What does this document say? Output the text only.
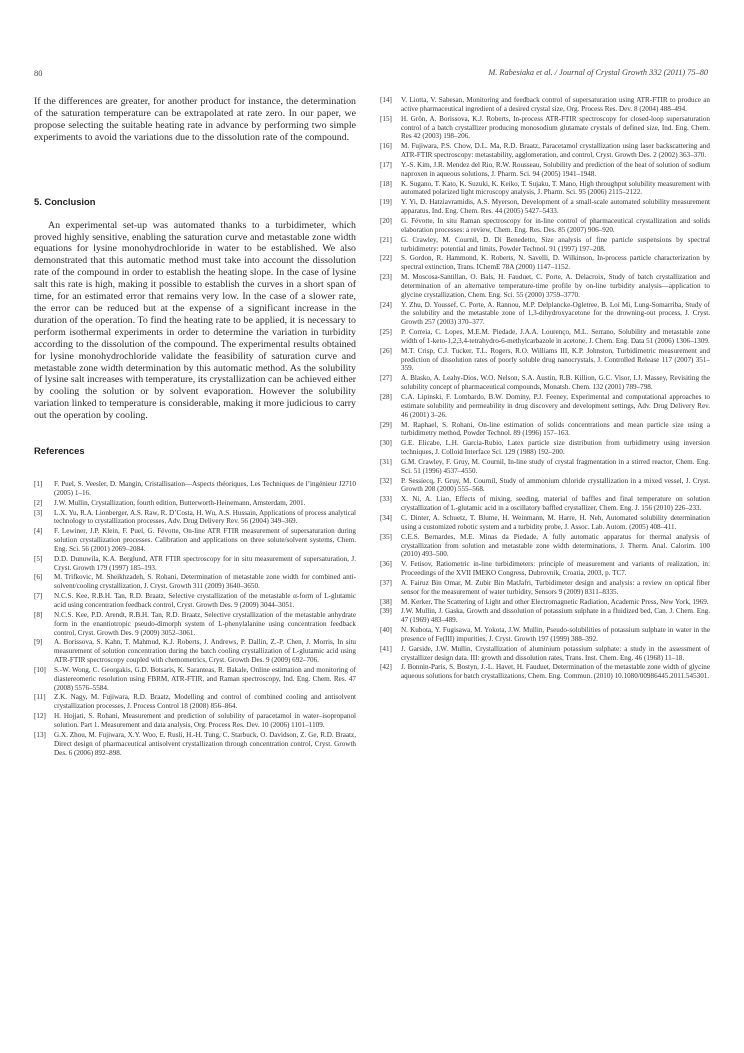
80	M. Rabesiaka et al. / Journal of Crystal Growth 332 (2011) 75–80

If the differences are greater, for another product for instance, the determination of the saturation temperature can be extrapolated at rate zero. In our paper, we propose selecting the suitable heating rate in advance by performing two simple experiments to avoid the variations due to the dissolution rate of the compound.

5. Conclusion

An experimental set-up was automated thanks to a turbidimeter, which proved highly sensitive, enabling the saturation curve and metastable zone width equations for lysine monohydrochloride in water to be established. We also demonstrated that this automatic method must take into account the dissolution rate of the compound in order to establish the heating slope. In the case of lysine salt this rate is high, making it possible to establish the curves in a short span of time, for an estimated error that remains very low. In the case of a slower rate, the error can be reduced but at the expense of a significant increase in the duration of the operation. To find the heating rate to be applied, it is necessary to perform isothermal experiments in order to determine the variation in turbidity according to the dissolution of the compound. The experimental results obtained for lysine monohydrochloride validate the feasibility of saturation curve and metastable zone width determination by this automatic method. As the solubility of lysine salt increases with temperature, its crystallization can be achieved either by cooling the solution or by solvent evaporation. However the solubility variation linked to temperature is considerable, making it more judicious to carry out the operation by cooling.

References
[1] F. Puel, S. Veesler, D. Mangin, Cristallisation—Aspects théoriques, Les Techniques de l’ingénieur J2710 (2005) 1–16.
[2] J.W. Mullin, Crystallization, fourth edition, Butterworth-Heinemann, Amsterdam, 2001.
[3] L.X. Yu, R.A. Lionberger, A.S. Raw, R. D’Costa, H. Wu, A.S. Hussain, Applications of process analytical technology to crystallization processes, Adv. Drug Delivery Rev. 56 (2004) 349–369.
[4] F. Lewiner, J.P. Klein, F. Puel, G. Févotte, On-line ATR FTIR measurement of supersaturation during solution crystallization processes. Calibration and applications on three solute/solvent systems, Chem. Eng. Sci. 56 (2001) 2069–2084.
[5] D.D. Dunuwila, K.A. Berglund, ATR FTIR spectroscopy for in situ measurement of supersaturation, J. Cryst. Growth 179 (1997) 185–193.
[6] M. Trifkovic, M. Sheikhzadeh, S. Rohani, Determination of metastable zone width for combined anti-solvent/cooling crystallization, J. Cryst. Growth 311 (2009) 3640–3650.
[7] N.C.S. Kee, R.B.H. Tan, R.D. Braatz, Selective crystallization of the metastable α-form of L-glutamic acid using concentration feedback control, Cryst. Growth Des. 9 (2009) 3044–3051.
[8] N.C.S. Kee, P.D. Arendt, R.B.H. Tan, R.D. Braatz, Selective crystallization of the metastable anhydrate form in the enantiotropic pseudo-dimorph system of L-phenylalanine using concentration feedback control, Cryst. Growth Des. 9 (2009) 3052–3061.
[9] A. Borissova, S. Kahn, T. Mahmud, K.J. Roberts, J. Andrews, P. Dallin, Z.-P. Chen, J. Morris, In situ measurement of solution concentration during the batch cooling crystallization of L-glutamic acid using ATR-FTIR spectroscopy coupled with chemometrics, Cryst. Growth Des. 9 (2009) 692–706.
[10] S.-W. Wong, C. Georgakis, G.D. Botsaris, K. Saranteas, R. Bakale, Online estimation and monitoring of diastereomeric resolution using FBRM, ATR-FTIR, and Raman spectroscopy, Ind. Eng. Chem. Res. 47 (2008) 5576–5584.
[11] Z.K. Nagy, M. Fujiwara, R.D. Braatz, Modelling and control of combined cooling and antisolvent crystallization processes, J. Process Control 18 (2008) 856–864.
[12] H. Hojjati, S. Rohani, Measurement and prediction of solubility of paracetamol in water–isopropanol solution. Part 1. Measurement and data analysis, Org. Process Res. Dev. 10 (2006) 1101–1109.
[13] G.X. Zhou, M. Fujiwara, X.Y. Woo, E. Rusli, H.-H. Tung, C. Starbuck, O. Davidson, Z. Ge, R.D. Braatz, Direct design of pharmaceutical antisolvent crystallization through concentration control, Cryst. Growth Des. 6 (2006) 892–898.
[14] V. Liotta, V. Sabesan, Monitoring and feedback control of supersaturation using ATR-FTIR to produce an active pharmaceutical ingredient of a desired crystal size, Org. Process Res. Dev. 8 (2004) 488–494.
[15] H. Grön, A. Borissova, K.J. Roberts, In-process ATR-FTIR spectroscopy for closed-loop supersaturation control of a batch crystallizer producing monosodium glutamate crystals of defined size, Ind. Eng. Chem. Res 42 (2003) 198–206.
[16] M. Fujiwara, P.S. Chow, D.L. Ma, R.D. Braatz, Paracetamol crystallization using laser backscattering and ATR-FTIR spectroscopy: metastability, agglomeration, and control, Cryst. Growth Des. 2 (2002) 363–370.
[17] Y.-S. Kim, J.R. Mendez del Rio, R.W. Rousseau, Solubility and prediction of the heat of solution of sodium naproxen in aqueous solutions, J. Pharm. Sci. 94 (2005) 1941–1948.
[18] K. Sugano, T. Kato, K. Suzuki, K. Keiko, T. Sujaku, T. Mano, High throughput solubility measurement with automated polarized light microscopy analysis, J. Pharm. Sci. 95 (2006) 2115–2122.
[19] Y. Yi, D. Hatziavramidis, A.S. Myerson, Development of a small-scale automated solubility measurement apparatus, Ind. Eng. Chem. Res. 44 (2005) 5427–5433.
[20] G. Févotte, In situ Raman spectroscopy for in-line control of pharmaceutical crystallization and solids elaboration processes: a review, Chem. Eng. Res. Des. 85 (2007) 906–920.
[21] G. Crawley, M. Cournil, D. Di Benedetto, Size analysis of fine particle suspensions by spectral turbidimetry: potential and limits, Powder Technol. 91 (1997) 197–208.
[22] S. Gordon, R. Hammond, K. Roberts, N. Savelli, D. Wilkinson, In-process particle characterization by spectral extinction, Trans. IChemE 78A (2000) 1147–1152.
[23] M. Moscosa-Santillan, O. Bals, H. Fauduet, C. Porte, A. Delacroix, Study of batch crystallization and determination of an alternative temperature-time profile by on-line turbidity analysis—application to glycine crystallization, Chem. Eng. Sci. 55 (2000) 3759–3770.
[24] Y. Zhu, D. Youssef, C. Porte, A. Rannou, M.P. Delplancke-Ogletree, B. Loi Mi, Lung-Somarriba, Study of the solubility and the metastable zone of 1,3-dihydroxyacetone for the drowning-out process, J. Cryst. Growth 257 (2003) 370–377.
[25] P. Correia, C. Lopes, M.E.M. Piedade, J.A.A. Lourenço, M.L. Serrano, Solubility and metastable zone width of 1-keto-1,2,3,4-tetrahydro-6-methylcarbazole in acetone, J. Chem. Eng. Data 51 (2006) 1306–1309.
[26] M.T. Crisp, C.J. Tucker, T.L. Rogers, R.O. Williams III, K.P. Johnston, Turbidimetric measurement and prediction of dissolution rates of poorly soluble drug nanocrystals, J. Controlled Release 117 (2007) 351–359.
[27] A. Blasko, A. Leahy-Dios, W.O. Nelson, S.A. Austin, R.B. Killion, G.C. Visor, I.J. Massey, Revisiting the solubility concept of pharmaceutical compounds, Monatsh. Chem. 132 (2001) 789–798.
[28] C.A. Lipinski, F. Lombardo, B.W. Dominy, P.J. Feeney, Experimental and computational approaches to estimate solubility and permeability in drug discovery and development settings, Adv. Drug Delivery Rev. 46 (2001) 3–26.
[29] M. Raphael, S. Rohani, On-line estimation of solids concentrations and mean particle size using a turbidimetry method, Powder Technol. 89 (1996) 157–163.
[30] G.E. Elicabe, L.H. Garcia-Rubio, Latex particle size distribution from turbidimetry using inversion techniques, J. Colloid Interface Sci. 129 (1988) 192–200.
[31] G.M. Crawley, F. Gruy, M. Cournil, In-line study of crystal fragmentation in a stirred reactor, Chem. Eng. Sci. 51 (1996) 4537–4550.
[32] P. Sessiecq, F. Gruy, M. Cournil, Study of ammonium chloride crystallization in a mixed vessel, J. Cryst. Growth 208 (2000) 555–568.
[33] X. Ni, A. Liao, Effects of mixing, seeding, material of baffles and final temperature on solution crystallization of L-glutamic acid in a oscillatory baffled crystallizer, Chem. Eng. J. 156 (2010) 226–233.
[34] C. Dinter, A. Schuetz, T. Blume, H. Weinmann, M. Harre, H. Neh, Automated solubility determination using a customized robotic system and a turbidity probe, J. Assoc. Lab. Autom. (2005) 408–411.
[35] C.E.S. Bernardes, M.E. Minas da Piedade, A fully automatic apparatus for thermal analysis of crystallization from solution and metastable zone width determinations, J. Therm. Anal. Calorim. 100 (2010) 493–500.
[36] V. Fetisov, Ratiometric in-line turbidimeters: principle of measurement and variants of realization, in: Proceedings of the XVII IMEKO Congress, Dubrovnik, Croatia, 2003, p. TC7.
[37] A. Fairuz Bin Omar, M. Zubir Bin MatJafri, Turbidimeter design and analysis: a review on optical fiber sensor for the measurement of water turbidity, Sensors 9 (2009) 8311–8335.
[38] M. Kerker, The Scattering of Light and other Electromagnetic Radiation, Academic Press, New York, 1969.
[39] J.W. Mullin, J. Gaska, Growth and dissolution of potassium sulphate in a fluidized bed, Can. J. Chem. Eng. 47 (1969) 483–489.
[40] N. Kubota, Y. Fugisawa, M. Yokota, J.W. Mullin, Pseudo-solubilities of potassium sulphate in water in the presence of Fe(III) impurities, J. Cryst. Growth 197 (1999) 388–392.
[41] J. Garside, J.W. Mullin, Crystallization of aluminium potassium sulphate: a study in the assessment of crystallizer design data. III: growth and dissolution rates, Trans. Inst. Chem. Eng. 46 (1968) 11–18.
[42] J. Bonnin-Paris, S. Bostyn, J.-L. Havet, H. Fauduet, Determination of the metastable zone width of glycine aqueous solutions for batch crystallizations, Chem. Eng. Commun. (2010) 10.1080/00986445.2011.545301.
